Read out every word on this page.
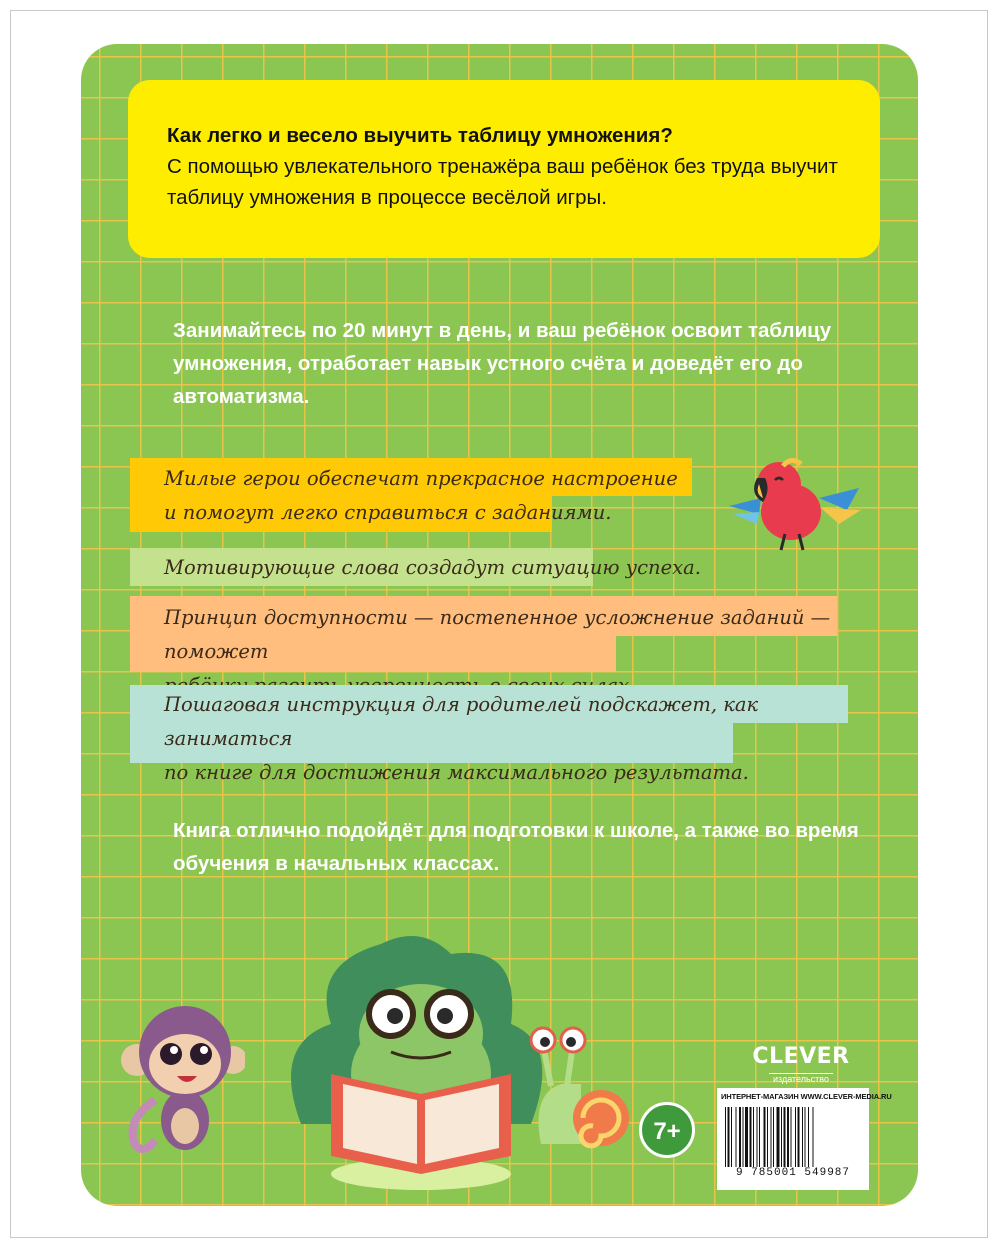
Как легко и весело выучить таблицу умножения?

С помощью увлекательного тренажёра ваш ребёнок без труда выучит таблицу умножения в процессе весёлой игры.

Занимайтесь по 20 минут в день, и ваш ребёнок освоит таблицу умножения, отработает навык устного счёта и доведёт его до автоматизма.

Милые герои обеспечат прекрасное настроение
и помогут легко справиться с заданиями.
Мотивирующие слова создадут ситуацию успеха.
Принцип доступности — постепенное усложнение заданий — поможет
Пошаговая инструкция для родителей подскажет, как заниматься
по книге для достижения максимального результата.

Книга отлично подойдёт для подготовки к школе, а также во время обучения в начальных классах.

CLEVER
издательство
7+
ИНТЕРНЕТ-МАГАЗИН WWW.CLEVER-MEDIA.RU
9 785001 549987
